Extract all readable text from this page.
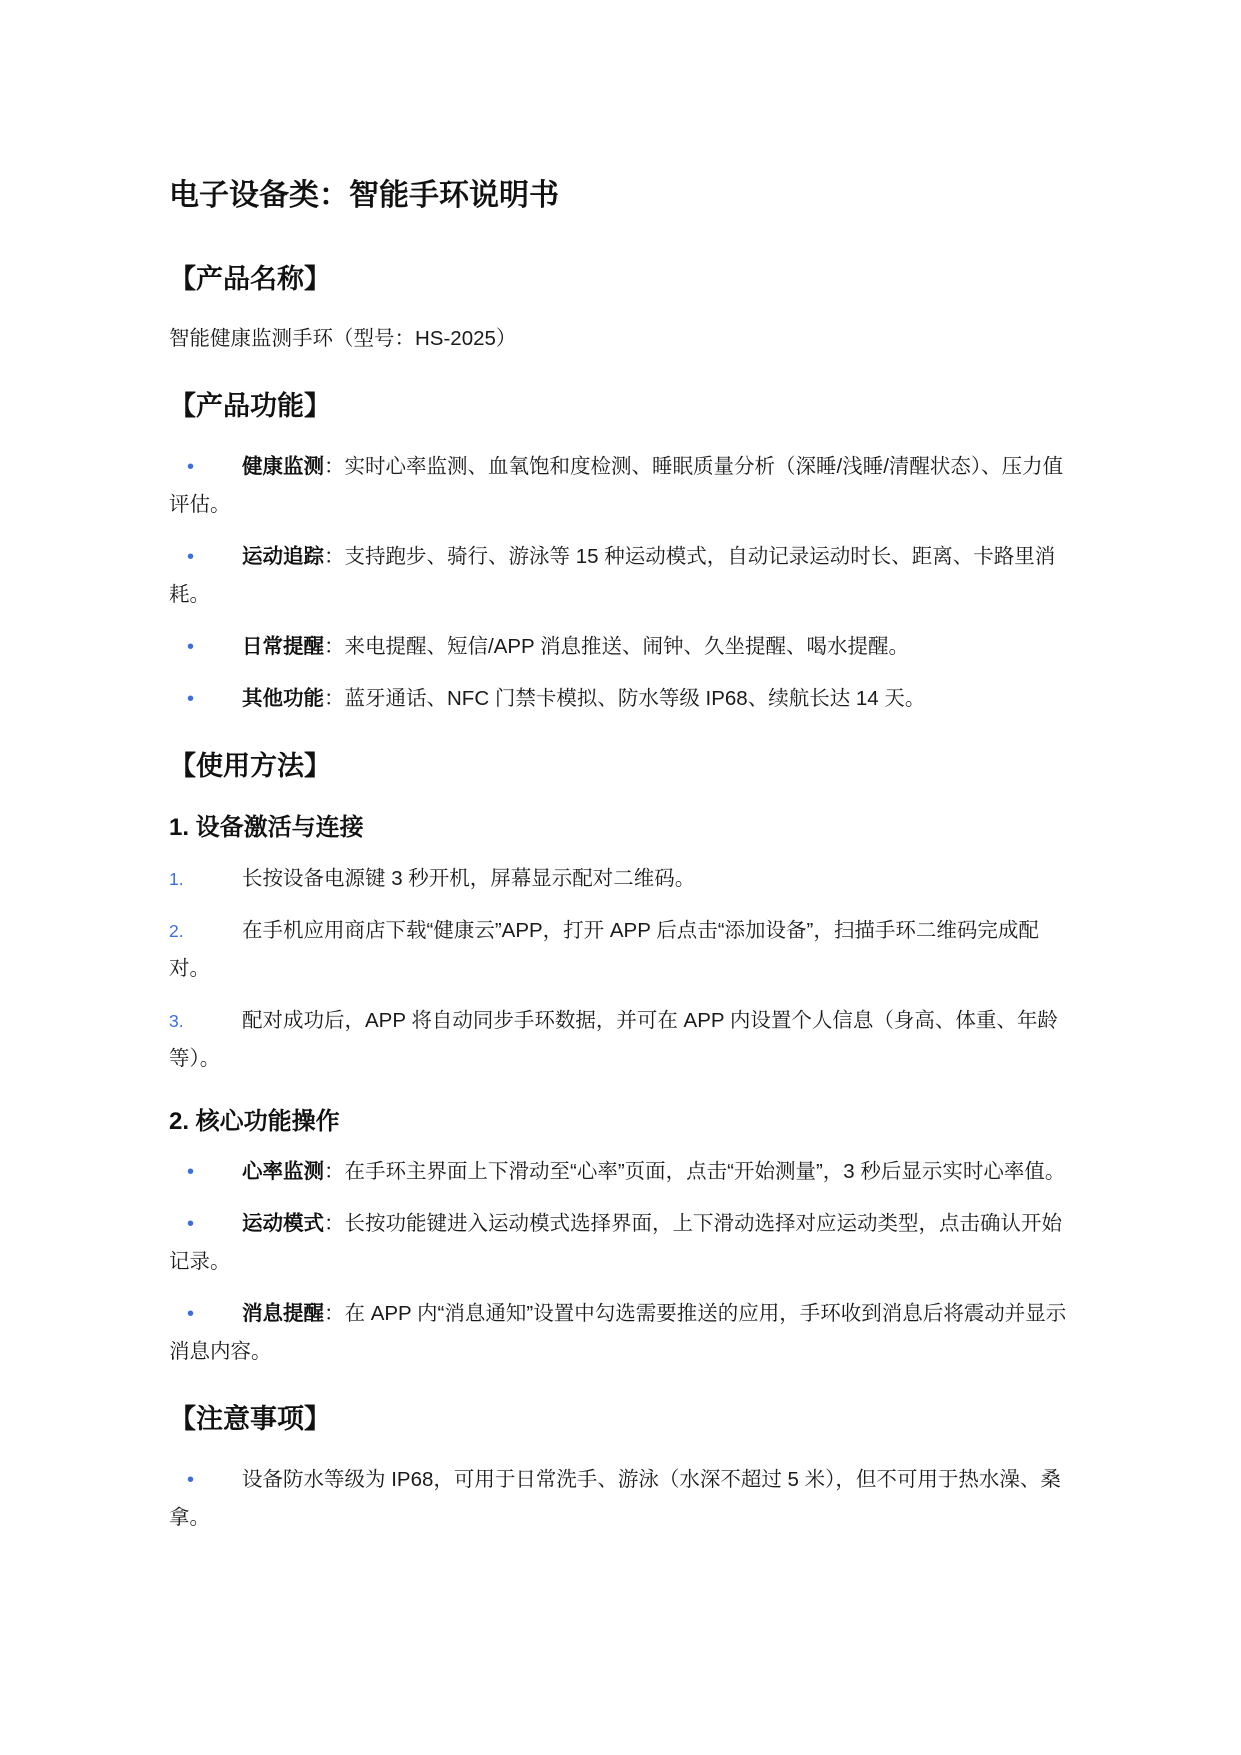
电子设备类：智能手环说明书
【产品名称】

智能健康监测手环（型号：HS-2025）

【产品功能】

• 健康监测：实时心率监测、血氧饱和度检测、睡眠质量分析（深睡/浅睡/清醒状态）、压力值评估。

• 运动追踪：支持跑步、骑行、游泳等 15 种运动模式，自动记录运动时长、距离、卡路里消耗。

• 日常提醒：来电提醒、短信/APP 消息推送、闹钟、久坐提醒、喝水提醒。

• 其他功能：蓝牙通话、NFC 门禁卡模拟、防水等级 IP68、续航长达 14 天。

【使用方法】
1. 设备激活与连接

1.	长按设备电源键 3 秒开机，屏幕显示配对二维码。

2.	在手机应用商店下载“健康云”APP，打开 APP 后点击“添加设备”，扫描手环二维码完成配对。

3.	配对成功后，APP 将自动同步手环数据，并可在 APP 内设置个人信息（身高、体重、年龄等）。

2. 核心功能操作

• 心率监测：在手环主界面上下滑动至“心率”页面，点击“开始测量”，3 秒后显示实时心率值。

• 运动模式：长按功能键进入运动模式选择界面，上下滑动选择对应运动类型，点击确认开始记录。

• 消息提醒：在 APP 内“消息通知”设置中勾选需要推送的应用，手环收到消息后将震动并显示消息内容。

【注意事项】

• 设备防水等级为 IP68，可用于日常洗手、游泳（水深不超过 5 米），但不可用于热水澡、桑拿。
